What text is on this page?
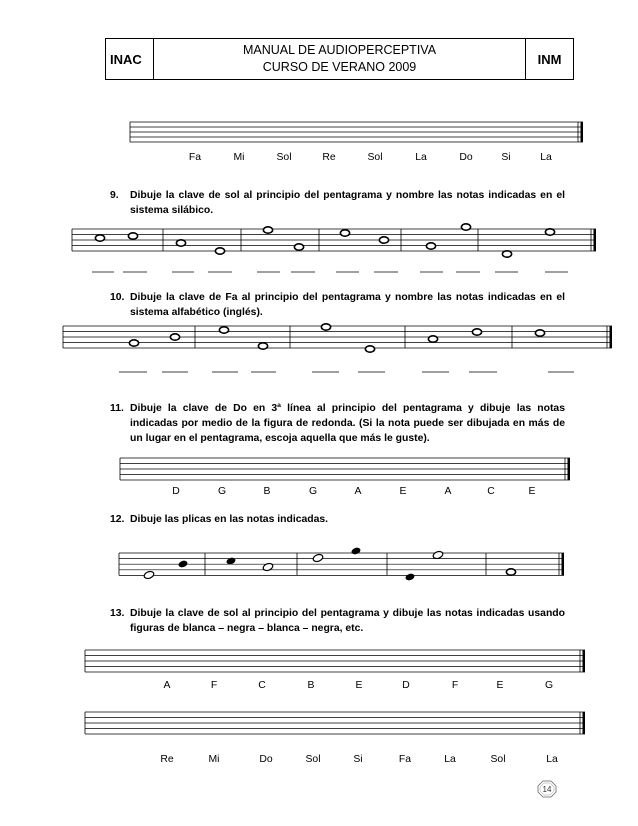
INAC
MANUAL DE AUDIOPERCEPTIVA
CURSO DE VERANO 2009
INM
Fa	Mi	Sol	Re	Sol	La	Do	Si	La
9.	Dibuje la clave de sol al principio del pentagrama y nombre las notas indicadas en el sistema silábico.
10. Dibuje la clave de Fa al principio del pentagrama y nombre las notas indicadas en el sistema alfabético (inglés).
11. Dibuje la clave de Do en 3ª línea al principio del pentagrama y dibuje las notas indicadas por medio de la figura de redonda. (Si la nota puede ser dibujada en más de un lugar en el pentagrama, escoja aquella que más le guste).
D	G	B	G	A	E	A	C	E
12. Dibuje las plicas en las notas indicadas.
13. Dibuje la clave de sol al principio del pentagrama y dibuje las notas indicadas usando figuras de blanca – negra – blanca – negra, etc.
A	F	C	B	E	D	F	E	G
Re	Mi	Do	Sol	Si	Fa	La	Sol	La
14
